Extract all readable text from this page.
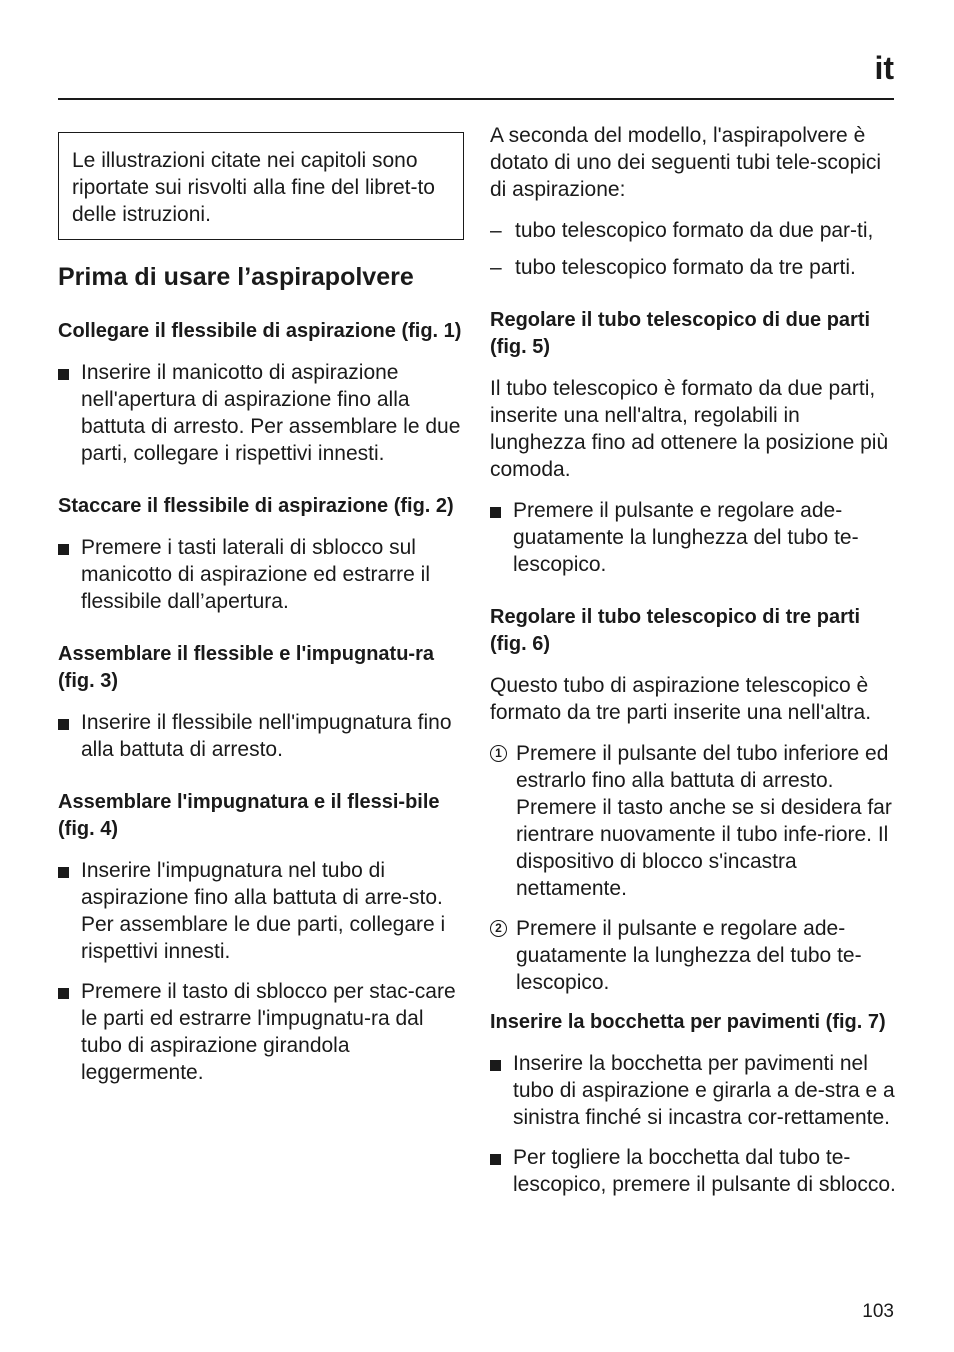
it
Le illustrazioni citate nei capitoli sono riportate sui risvolti alla fine del libret-to delle istruzioni.
Prima di usare l’aspirapolvere
Collegare il flessibile di aspirazione (fig. 1)
Inserire il manicotto di aspirazione nell'apertura di aspirazione fino alla battuta di arresto. Per assemblare le due parti, collegare i rispettivi innesti.
Staccare il flessibile di aspirazione (fig. 2)
Premere i tasti laterali di sblocco sul manicotto di aspirazione ed estrarre il flessibile dall’apertura.
Assemblare il flessible e l'impugnatu-ra (fig. 3)
Inserire il flessibile nell'impugnatura fino alla battuta di arresto.
Assemblare l'impugnatura e il flessi-bile (fig. 4)
Inserire l'impugnatura nel tubo di aspirazione fino alla battuta di arre-sto. Per assemblare le due parti, collegare i rispettivi innesti.
Premere il tasto di sblocco per stac-care le parti ed estrarre l'impugnatu-ra dal tubo di aspirazione girandola leggermente.

A seconda del modello, l'aspirapolvere è dotato di uno dei seguenti tubi tele-scopici di aspirazione:

– tubo telescopico formato da due par-ti,
– tubo telescopico formato da tre parti.
Regolare il tubo telescopico di due parti (fig. 5)

Il tubo telescopico è formato da due parti, inserite una nell'altra, regolabili in lunghezza fino ad ottenere la posizione più comoda.

Premere il pulsante e regolare ade-guatamente la lunghezza del tubo te-lescopico.
Regolare il tubo telescopico di tre parti (fig. 6)

Questo tubo di aspirazione telescopico è formato da tre parti inserite una nell'altra.

1 Premere il pulsante del tubo inferiore ed estrarlo fino alla battuta di arresto. Premere il tasto anche se si desidera far rientrare nuovamente il tubo infe-riore. Il dispositivo di blocco s'incastra nettamente.
2 Premere il pulsante e regolare ade-guatamente la lunghezza del tubo te-lescopico.
Inserire la bocchetta per pavimenti (fig. 7)
Inserire la bocchetta per pavimenti nel tubo di aspirazione e girarla a de-stra e a sinistra finché si incastra cor-rettamente.
Per togliere la bocchetta dal tubo te-lescopico, premere il pulsante di sblocco.
103
